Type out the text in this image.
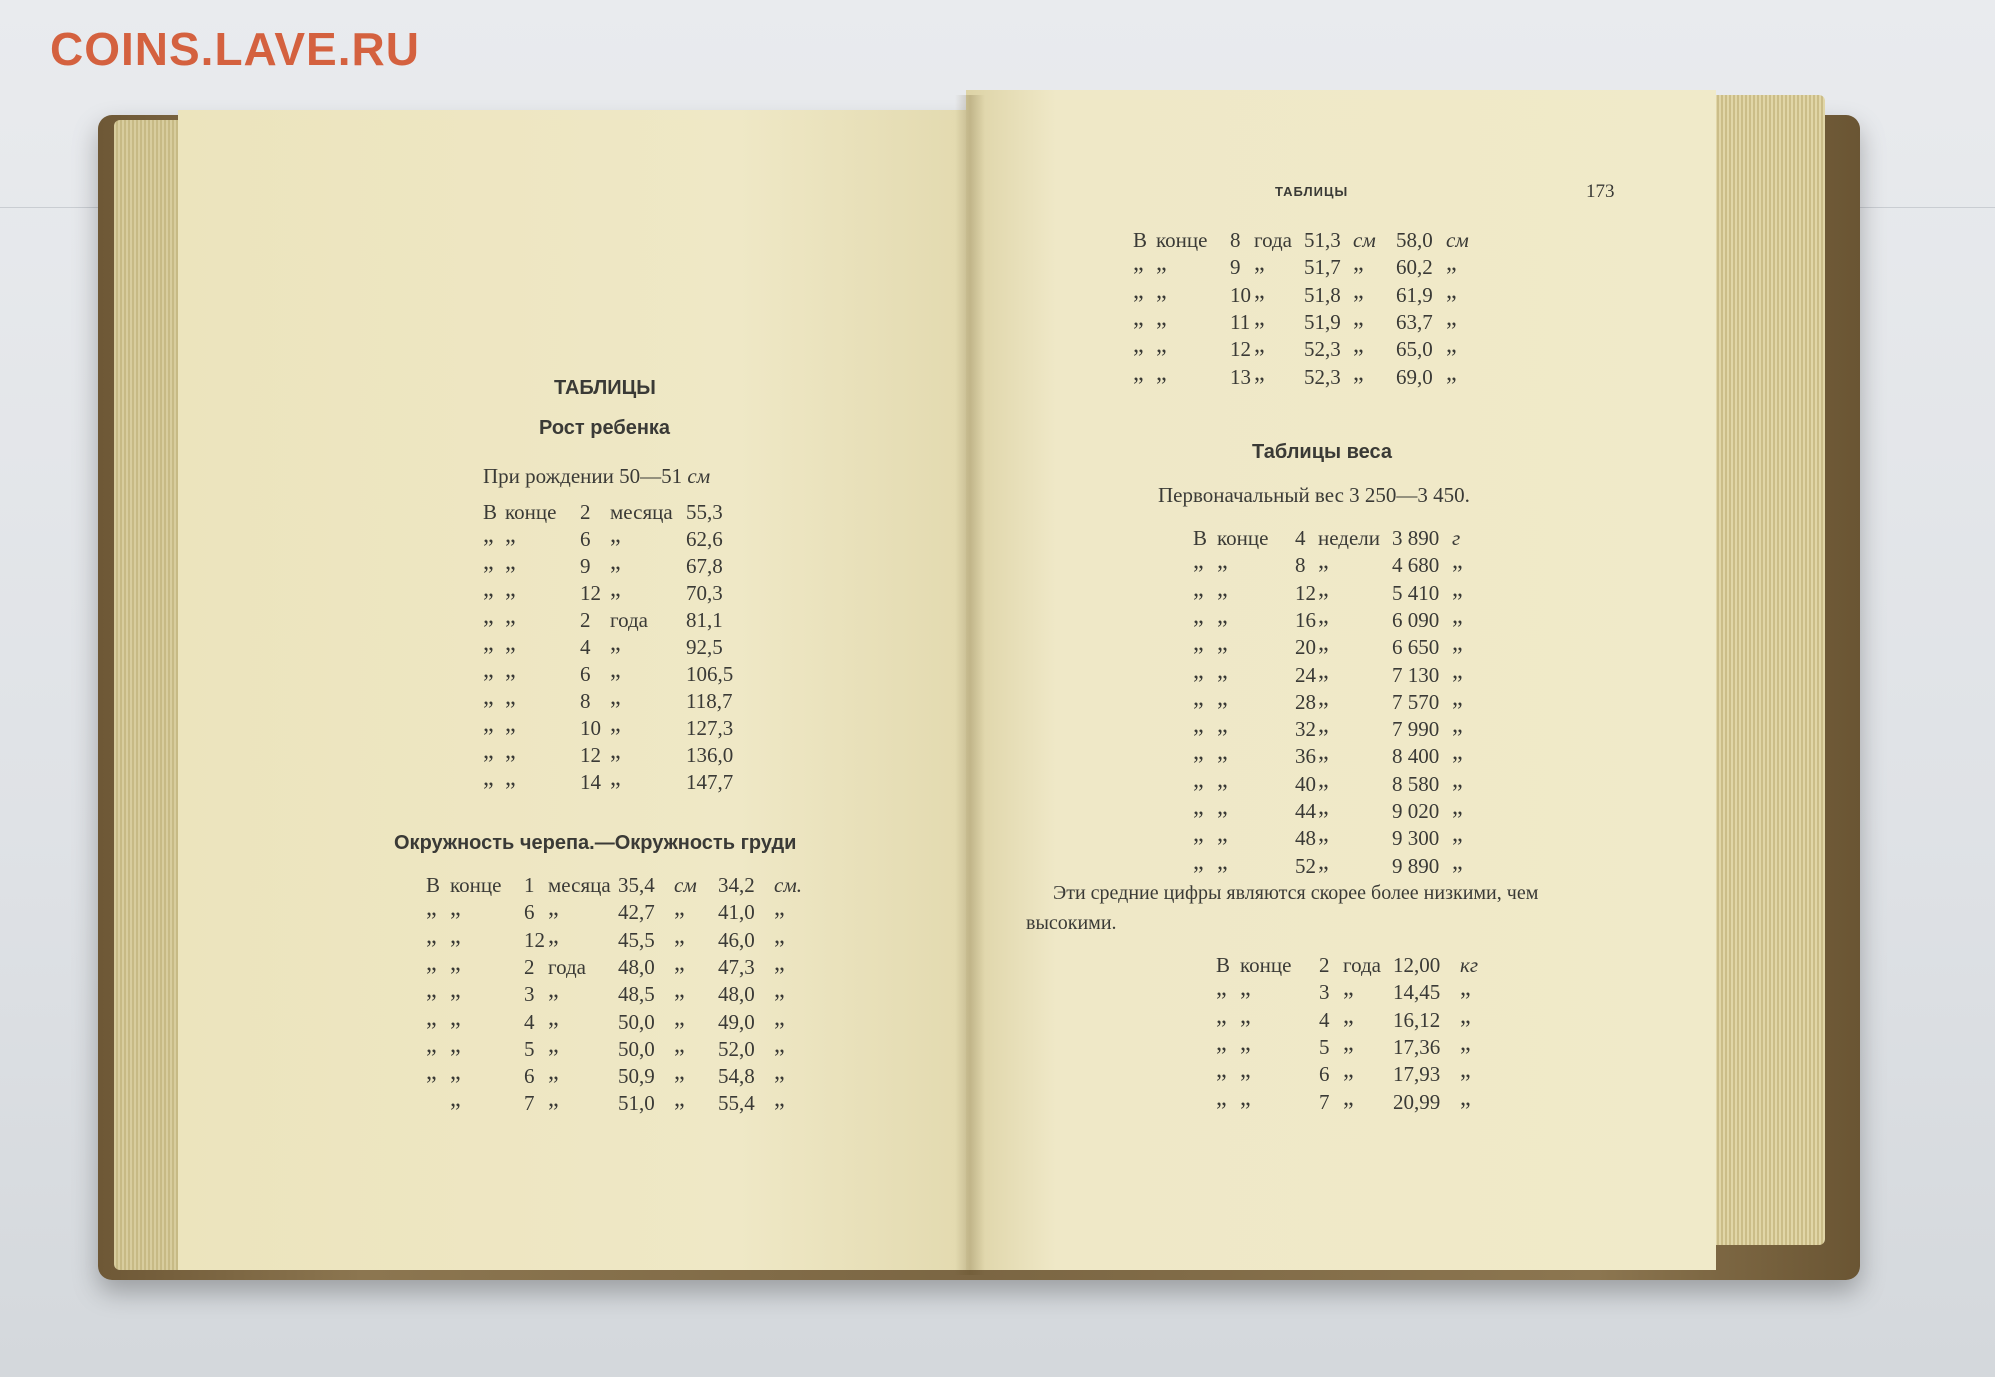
COINS.LAVE.RU
ТАБЛИЦЫ
Рост ребенка
При рождении 50—51 см
В конце 2 месяца 55,3
„ „	6 „	62,6
„ „	9 „	67,8
„ „	12 „	70,3
„ „	2 года 81,1
„ „	4 „	92,5
„ „	6 „	106,5
„ „	8 „	118,7
„ „	10 „	127,3
„ „	12 „	136,0
„ „	14 „	147,7
Окружность черепа.—Окружность груди
В конце 1 месяца 35,4 см 34,2 см.
„ „	6 „	42,7 „ 41,0 „
„ „	12 „	45,5 „ 46,0 „
„ „	2 года 48,0 „ 47,3 „
„ „	3 „	48,5 „ 48,0 „
„ „	4 „	50,0 „ 49,0 „
„ „	5 „	50,0 „ 52,0 „
„ „	6 „	50,9 „ 54,8 „
„	7 „	51,0 „ 55,4 „
ТАБЛИЦЫ	173
В конце 8 года 51,3 см 58,0 см
„ „	9 „ 51,7 „ 60,2 „
„ „	10 „ 51,8 „ 61,9 „
„ „	11 „ 51,9 „ 63,7 „
„ „	12 „ 52,3 „ 65,0 „
„ „	13 „ 52,3 „ 69,0 „
Таблицы веса
Первоначальный вес 3 250—3 450.
В конце 4 недели 3 890 г
„ „	8 „	4 680 „
„ „	12 „	5 410 „
„ „	16 „	6 090 „
„ „	20 „	6 650 „
„ „	24 „	7 130 „
„ „	28 „	7 570 „
„ „	32 „	7 990 „
„ „	36 „	8 400 „
„ „	40 „	8 580 „
„ „	44 „	9 020 „
„ „	48 „	9 300 „
„ „	52 „	9 890 „
Эти средние цифры являются скорее более низкими, чем
высокими.
В конце 2 года 12,00 кг
„ „	3 „ 14,45 „
„ „	4 „ 16,12 „
„ „	5 „ 17,36 „
„ „	6 „ 17,93 „
„ „	7 „ 20,99 „
